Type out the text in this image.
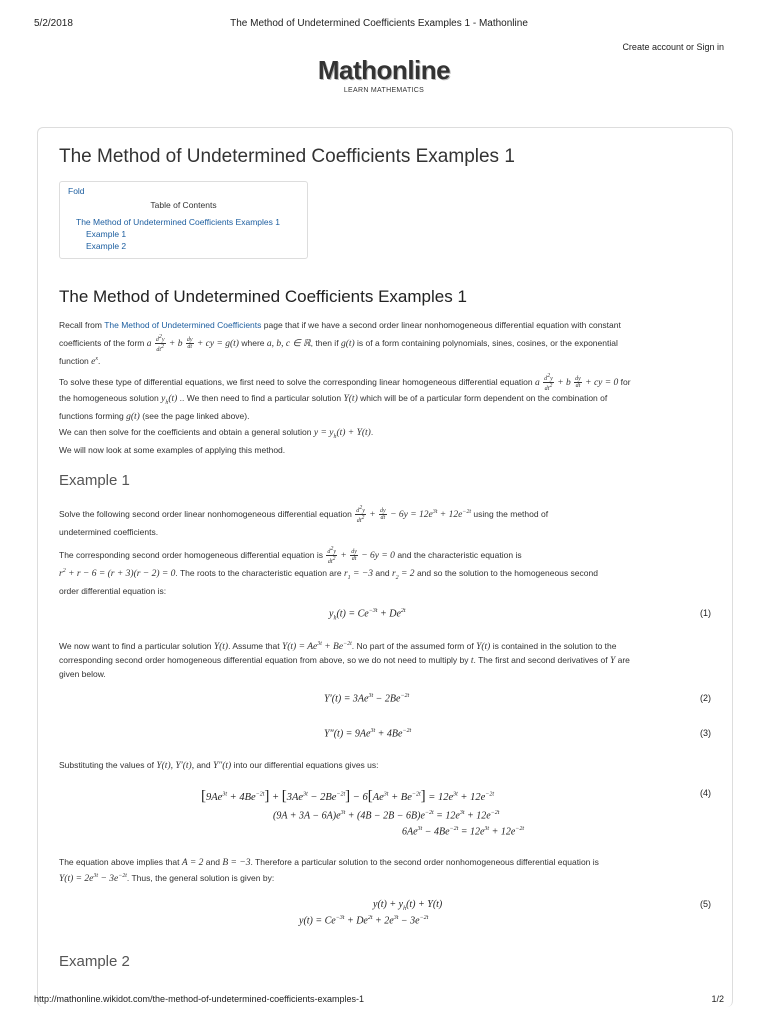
5/2/2018	The Method of Undetermined Coefficients Examples 1 - Mathonline
Create account or Sign in
Mathonline
LEARN MATHEMATICS
The Method of Undetermined Coefficients Examples 1
Fold
Table of Contents
The Method of Undetermined Coefficients Examples 1
Example 1
Example 2
The Method of Undetermined Coefficients Examples 1
Recall from The Method of Undetermined Coefficients page that if we have a second order linear nonhomogeneous differential equation with constant
coefficients of the form a $\frac{d^2y}{dt^2} + b \frac{dy}{dt}$ + cy = g(t) where a, b, c ∈ ℝ, then if g(t) is of a form containing polynomials, sines, cosines, or the exponential
function $e^x$.
To solve these type of differential equations, we first need to solve the corresponding linear homogeneous differential equation a $\frac{d^2y}{dt^2} + b \frac{dy}{dt}$ + cy = 0 for
the homogeneous solution $y_h(t)$ .. We then need to find a particular solution Y(t) which will be of a particular form dependent on the combination of
functions forming g(t) (see the page linked above).
We can then solve for the coefficients and obtain a general solution $y = y_h(t) + Y(t)$.
We will now look at some examples of applying this method.
Example 1
Solve the following second order linear nonhomogeneous differential equation $\frac{d^2y}{dt^2} + \frac{dy}{dt} - 6y = 12e^{3t} + 12e^{-2t}$ using the method of
undetermined coefficients.
The corresponding second order homogeneous differential equation is $\frac{d^2y}{dt^2} + \frac{dy}{dt} - 6y = 0$ and the characteristic equation is
$r^2 + r - 6 = (r + 3)(r - 2) = 0$. The roots to the characteristic equation are $r_1 = -3$ and $r_2 = 2$ and so the solution to the homogeneous second
order differential equation is:
$y_h(t) = Ce^{-3t} + De^{2t}$	(1)
We now want to find a particular solution Y(t). Assume that $Y(t) = Ae^{3t} + Be^{-2t}$. No part of the assumed form of Y(t) is contained in the solution to the
corresponding second order homogeneous differential equation from above, so we do not need to multiply by t. The first and second derivatives of Y are
given below.
$Y'(t) = 3Ae^{3t} - 2Be^{-2t}$	(2)
$Y''(t) = 9Ae^{3t} + 4Be^{-2t}$	(3)
Substituting the values of Y(t), Y′(t), and Y″(t) into our differential equations gives us:
$[9Ae^{3t} + 4Be^{-2t}] + [3Ae^{3t} - 2Be^{-2t}] - 6[Ae^{3t} + Be^{-2t}] = 12e^{3t} + 12e^{-2t}$	(4)
$(9A + 3A - 6A)e^{3t} + (4B - 2B - 6B)e^{-2t} = 12e^{3t} + 12e^{-2t}$
$6Ae^{3t} - 4Be^{-2t} = 12e^{3t} + 12e^{-2t}$
The equation above implies that A = 2 and B = −3. Therefore a particular solution to the second order nonhomogeneous differential equation is
$Y(t) = 2e^{3t} - 3e^{-2t}$. Thus, the general solution is given by:
$y(t) + y_h(t) + Y(t)$	(5)
$y(t) = Ce^{-3t} + De^{2t} + 2e^{3t} - 3e^{-2t}$
Example 2
http://mathonline.wikidot.com/the-method-of-undetermined-coefficients-examples-1	1/2
